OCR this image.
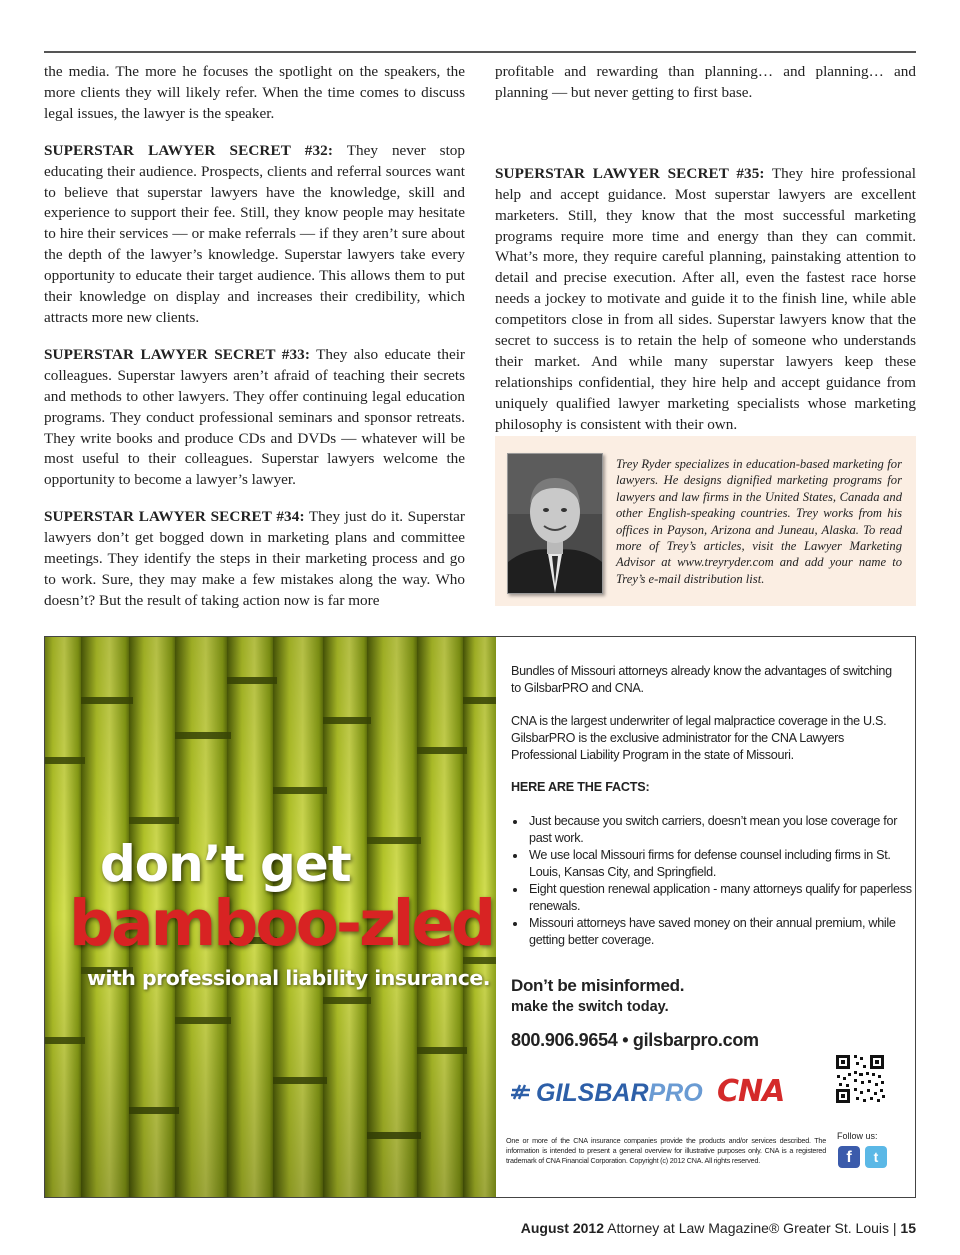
the media. The more he focuses the spotlight on the speakers, the more clients they will likely refer. When the time comes to discuss legal issues, the lawyer is the speaker.

SUPERSTAR LAWYER SECRET #32: They never stop educating their audience. Prospects, clients and referral sources want to believe that superstar lawyers have the knowledge, skill and experience to support their fee. Still, they know people may hesitate to hire their services — or make referrals — if they aren’t sure about the depth of the lawyer’s knowledge. Superstar lawyers take every opportunity to educate their target audience. This allows them to put their knowledge on display and increases their credibility, which attracts more new clients.

SUPERSTAR LAWYER SECRET #33: They also educate their colleagues. Superstar lawyers aren’t afraid of teaching their secrets and methods to other lawyers. They offer continuing legal education programs. They conduct professional seminars and sponsor retreats. They write books and produce CDs and DVDs — whatever will be most useful to their colleagues. Superstar lawyers welcome the opportunity to become a lawyer’s lawyer.

SUPERSTAR LAWYER SECRET #34: They just do it. Superstar lawyers don’t get bogged down in marketing plans and committee meetings. They identify the steps in their marketing process and go to work. Sure, they may make a few mistakes along the way. Who doesn’t? But the result of taking action now is far more

profitable and rewarding than planning… and planning… and planning — but never getting to first base.

SUPERSTAR LAWYER SECRET #35: They hire professional help and accept guidance. Most superstar lawyers are excellent marketers. Still, they know that the most successful marketing programs require more time and energy than they can commit. What’s more, they require careful planning, painstaking attention to detail and precise execution. After all, even the fastest race horse needs a jockey to motivate and guide it to the finish line, while able competitors close in from all sides. Superstar lawyers know that the secret to success is to retain the help of someone who understands their market. And while many superstar lawyers keep these relationships confidential, they hire help and accept guidance from uniquely qualified lawyer marketing specialists whose marketing philosophy is consistent with their own.

Trey Ryder specializes in education-based marketing for lawyers. He designs dignified marketing programs for lawyers and law firms in the United States, Canada and other English-speaking countries. Trey works from his offices in Payson, Arizona and Juneau, Alaska. To read more of Trey’s articles, visit the Lawyer Marketing Advisor at www.treyryder.com and add your name to Trey’s e-mail distribution list.
don’t get
bamboo-zled
with professional liability insurance.
Bundles of Missouri attorneys already know the advantages of switching to GilsbarPRO and CNA.
CNA is the largest underwriter of legal malpractice coverage in the U.S. GilsbarPRO is the exclusive administrator for the CNA Lawyers Professional Liability Program in the state of Missouri.
HERE ARE THE FACTS:
• Just because you switch carriers, doesn’t mean you lose coverage for past work.
• We use local Missouri firms for defense counsel including firms in St. Louis, Kansas City, and Springfield.
• Eight question renewal application - many attorneys qualify for paperless renewals.
• Missouri attorneys have saved money on their annual premium, while getting better coverage.
Don’t be misinformed.
make the switch today.
800.906.9654 • gilsbarpro.com
GILSBARPRO CNA
Follow us:
f	t
One or more of the CNA insurance companies provide the products and/or services described. The information is intended to present a general overview for illustrative purposes only. CNA is a registered trademark of CNA Financial Corporation. Copyright (c) 2012 CNA. All rights reserved.
August 2012 Attorney at Law Magazine® Greater St. Louis | 15
